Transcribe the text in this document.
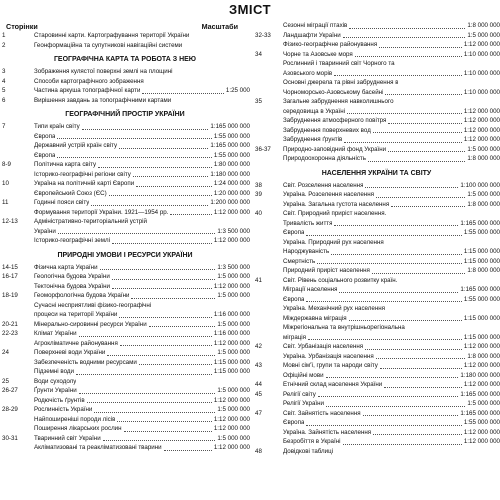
ЗМІСТ
Сторінки	Масштаби
1	Старовинні карти. Картографування території України
2	Геонформаційна та супутникові навігаційні системи
ГЕОГРАФІЧНА КАРТА ТА РОБОТА З НЕЮ
3	Зображення кулястої поверхні землі на площині
4	Способи картографічного зображення
5	Частина аркуша топографічної карти	1:25 000
6	Вирішення завдань за топографічними картами
ГЕОГРАФІЧНИЙ ПРОСТІР УКРАЇНИ
7	Типи країн світу	1:165 000 000
Європа	1:55 000 000
Державний устрій країн світу	1:165 000 000
Європа	1:55 000 000
8-9	Політична карта світу	1:80 000 000
Історико-географічні регіони світу	1:180 000 000
10	Україна на політичній карті Європи	1:24 000 000
Європейський Союз (ЄС)	1:20 000 000
11	Годинні пояси світу	1:200 000 000
Формування території України. 1921—1954 рр.	1:12 000 000
12-13	Адміністративно-територіальний устрій
України	1:3 500 000
Історико-географічні землі	1:12 000 000
ПРИРОДНІ УМОВИ І РЕСУРСИ УКРАЇНИ
14-15	Фізична карта України	1:3 500 000
16-17	Геологічна будова України	1:5 000 000
Тектонічна будова України	1:12 000 000
18-19	Геоморфологічна будова України	1:5 000 000
Сучасні несприятливі фізико-географічні
процеси на території України	1:16 000 000
20-21	Мінерально-сировинні ресурси України	1:5 000 000
22-23	Клімат України	1:16 000 000
Агрокліматичне районування	1:12 000 000
24	Поверхневі води України	1:5 000 000
Забезпеченість водними ресурсами	1:15 000 000
Підземні води	1:15 000 000
25	Води суходолу
26-27	Ґрунти України	1:5 000 000
Родючість ґрунтів	1:12 000 000
28-29	Рослинність України	1:5 000 000
Найпоширеніші породи лісів	1:12 000 000
Поширення лікарських рослин	1:12 000 000
30-31	Тваринний світ України	1:5 000 000
Акліматизовані та реакліматизовані тварини	1:12 000 000
Сезонні міграції птахів	1:8 000 000
32-33	Ландшафти України	1:5 000 000
Фізико-географічне районування	1:12 000 000
34	Чорне та Азовське моря	1:10 000 000
Рослинний і тваринний світ Чорного та
Азовського морів	1:10 000 000
Основні джерела та рівні забруднення в
Чорноморсько-Азовському басейні	1:10 000 000
35	Загальне забруднення навколишнього
середовища в Україні	1:12 000 000
Забруднення атмосферного повітря	1:12 000 000
Забруднення поверхневих вод	1:12 000 000
Забруднення ґрунтів	1:12 000 000
36-37	Природно-заповідний фонд України	1:5 000 000
Природоохоронна діяльність	1:8 000 000
НАСЕЛЕННЯ УКРАЇНИ ТА СВІТУ
38	Світ. Розселення населення	1:100 000 000
39	Україна. Розселення населення	1:5 000 000
Україна. Загальна густота населення	1:8 000 000
40	Світ. Природний приріст населення.
Тривалість життя	1:165 000 000
Європа	1:55 000 000
Україна. Природний рух населення
Народжуваність	1:15 000 000
Смертність	1:15 000 000
Природний приріст населення	1:8 000 000
41	Світ. Рівень соціального розвитку країн.
Міграції населення	1:165 000 000
Європа	1:55 000 000
Україна. Механічний рух населення
Міждержавна міграція	1:15 000 000
Міжрегіональна та внутрішньорегіональна
міграція	1:15 000 000
42	Світ. Урбанізація населення	1:12 000 000
Україна. Урбанізація населення	1:8 000 000
43	Мовні сім'ї, групи та народи світу	1:12 000 000
Офіційні мови	1:180 000 000
44	Етнічний склад населення України	1:12 000 000
45	Релігії світу	1:165 000 000
Релігії України	1:5 000 000
47	Світ. Зайнятість населення	1:165 000 000
Європа	1:55 000 000
Україна. Зайнятість населення	1:12 000 000
Безробіття в Україні	1:12 000 000
48	Довідкові таблиці
